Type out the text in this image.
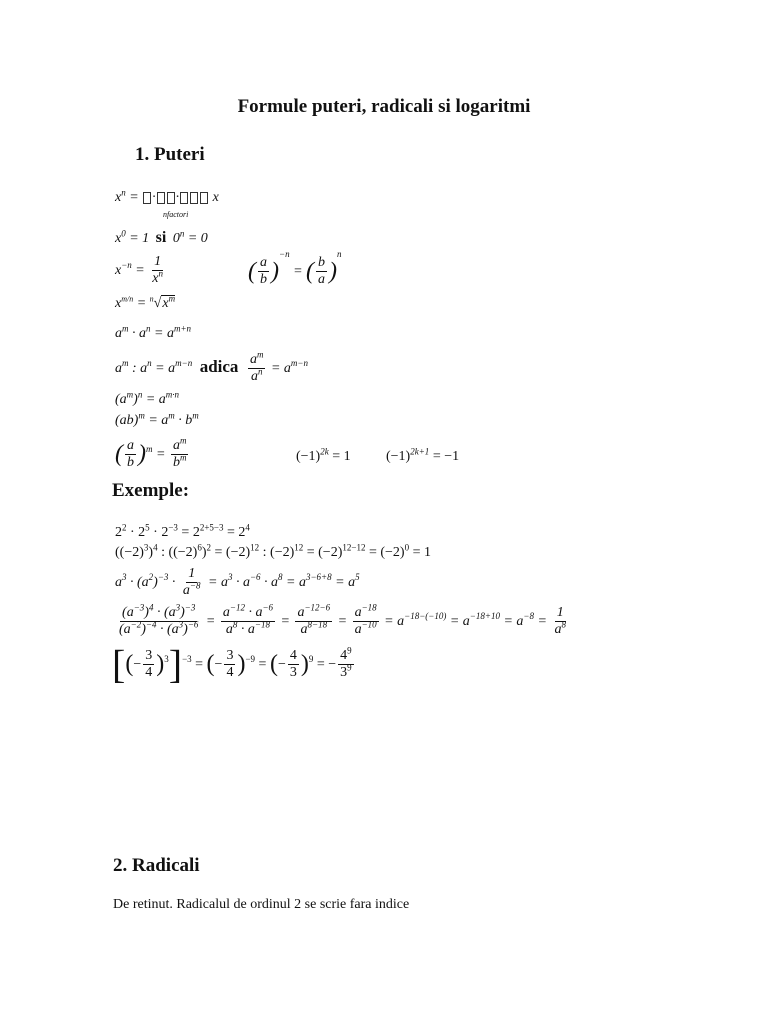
Formule puteri, radicali si logaritmi
1. Puteri
$x^n$ = · · x
nfactori
$x^0 = 1$ si $0^n = 0$
$x^{-n} = \frac{1}{x^n}$	( $\frac{a}{b} )^{-n}$ = ( $\frac{b}{a} )^n$
$x^{m/n} = ^n√x^m$
$a^m \cdot a^n = a^{m+n}$
$a^m$ : $a^n = a^{m-n}$ adica $\frac{a^m}{a^n} = a^{m-n}$
$(a^m)^n = a^{m\cdot n}$
$(ab)^m = a^m \cdot b^m$
( $\frac{a}{b} )^m = \frac{a^m}{b^m}$	$(-1)^{2k} = 1$	$(-1)^{2k+1} = -1$
Exemple:
$2^2 \cdot 2^5 \cdot 2^{-3} = 2^{2+5-3} = 2^4$
$((-2)^3)^4$ : $((-2)^6)^2 = (-2)^{12}$ : $(-2)^{12} = (-2)^{12-12} = (-2)^0 = 1$
$a^3 \cdot (a^2)^{-3} \cdot \frac{1}{a^{-8}} = a^3 \cdot a^{-6} \cdot a^8 = a^{3-6+8} = a^5$
$\frac{(a^{-3})^4 \cdot (a^3)^{-3}}{(a^{-2})^{-4} \cdot (a^3)^{-6}} = \frac{a^{-12} \cdot a^{-6}}{a^8 \cdot a^{-18}} = \frac{a^{-12-6}}{a^{8-18}} = \frac{a^{-18}}{a^{-10}} = a^{-18-(-10)} = a^{-18+10} = a^{-8} = \frac{1}{a^8}$
[(− $\frac{3}{4} )^3]^{-3}$ = (− $\frac{3}{4} )^{-9}$ = (− $\frac{4}{3} )^9$ = − $\frac{4^9}{3^9}$
2. Radicali
De retinut. Radicalul de ordinul 2 se scrie fara indice
